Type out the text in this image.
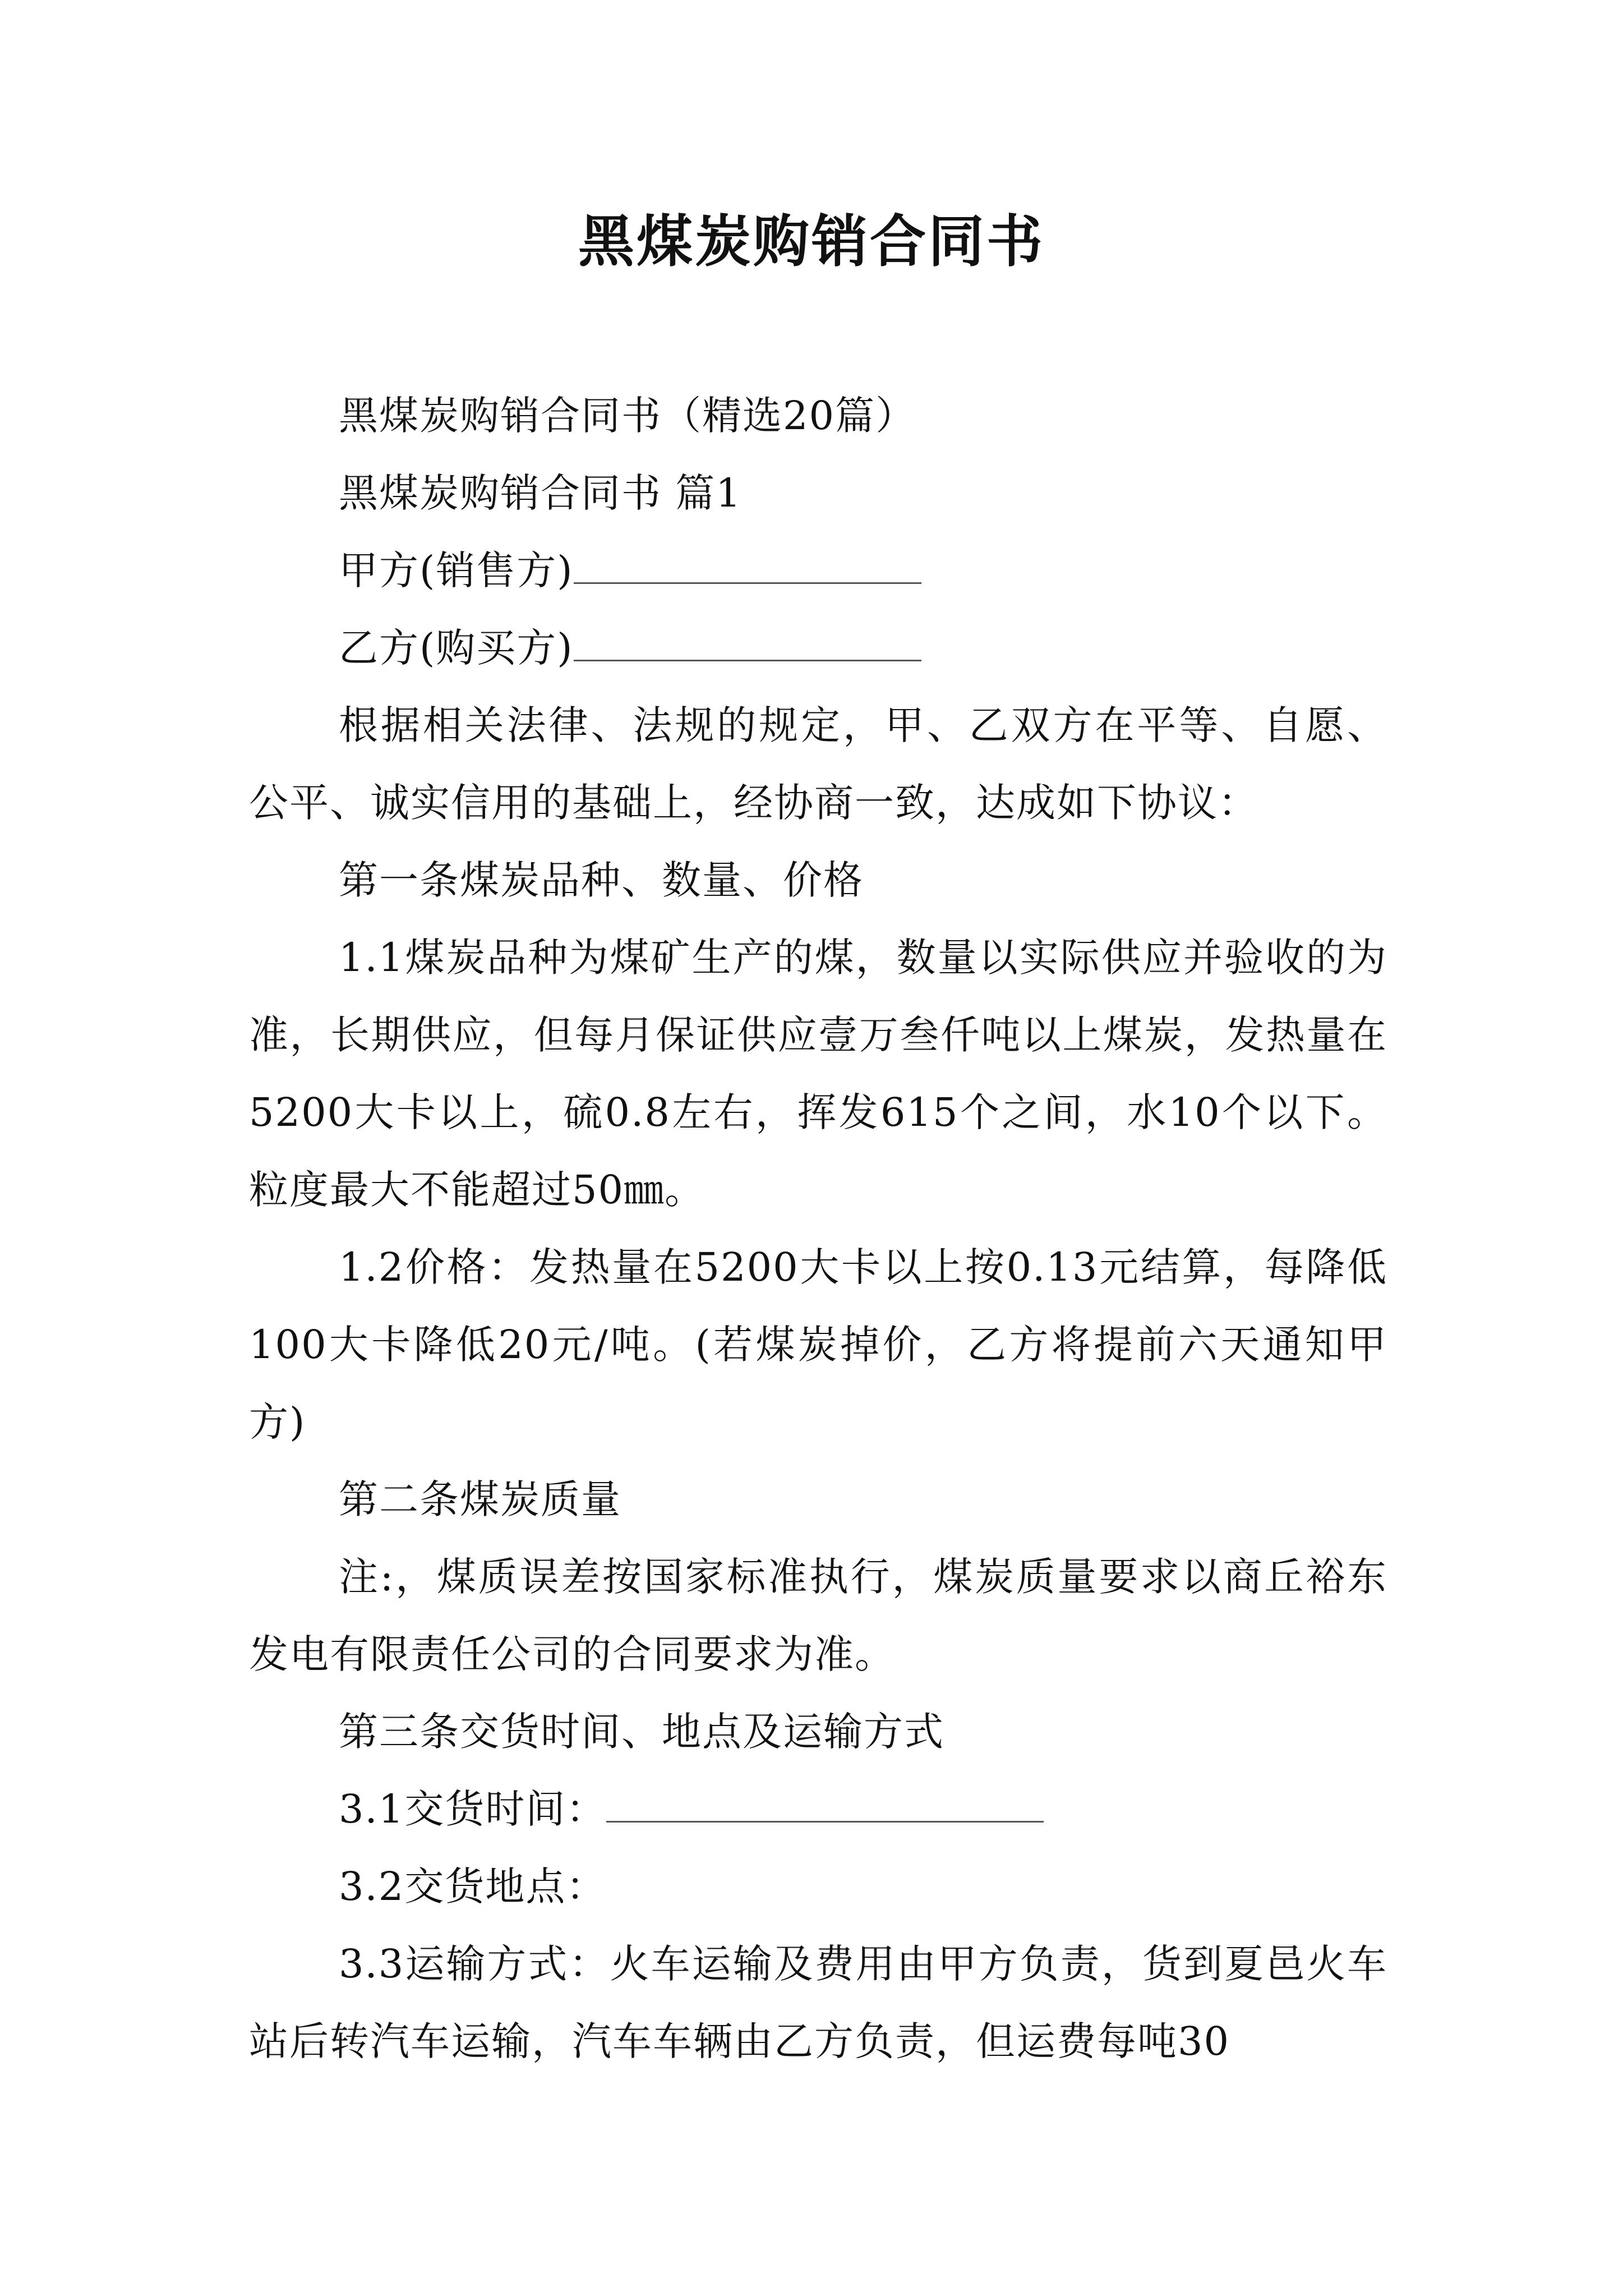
黑煤炭购销合同书

黑煤炭购销合同书（精选20篇）

黑煤炭购销合同书 篇1

甲方(销售方)

乙方(购买方)

根据相关法律、法规的规定，甲、乙双方在平等、自愿、公平、诚实信用的基础上，经协商一致，达成如下协议：

第一条煤炭品种、数量、价格

1.1煤炭品种为煤矿生产的煤，数量以实际供应并验收的为准，长期供应，但每月保证供应壹万叁仟吨以上煤炭，发热量在5200大卡以上，硫0.8左右，挥发615个之间，水10个以下。粒度最大不能超过50㎜。

1.2价格：发热量在5200大卡以上按0.13元结算，每降低100大卡降低20元/吨。(若煤炭掉价，乙方将提前六天通知甲方)

第二条煤炭质量

注:，煤质误差按国家标准执行，煤炭质量要求以商丘裕东发电有限责任公司的合同要求为准。

第三条交货时间、地点及运输方式

3.1交货时间：

3.2交货地点：

3.3运输方式：火车运输及费用由甲方负责，货到夏邑火车站后转汽车运输，汽车车辆由乙方负责，但运费每吨30
